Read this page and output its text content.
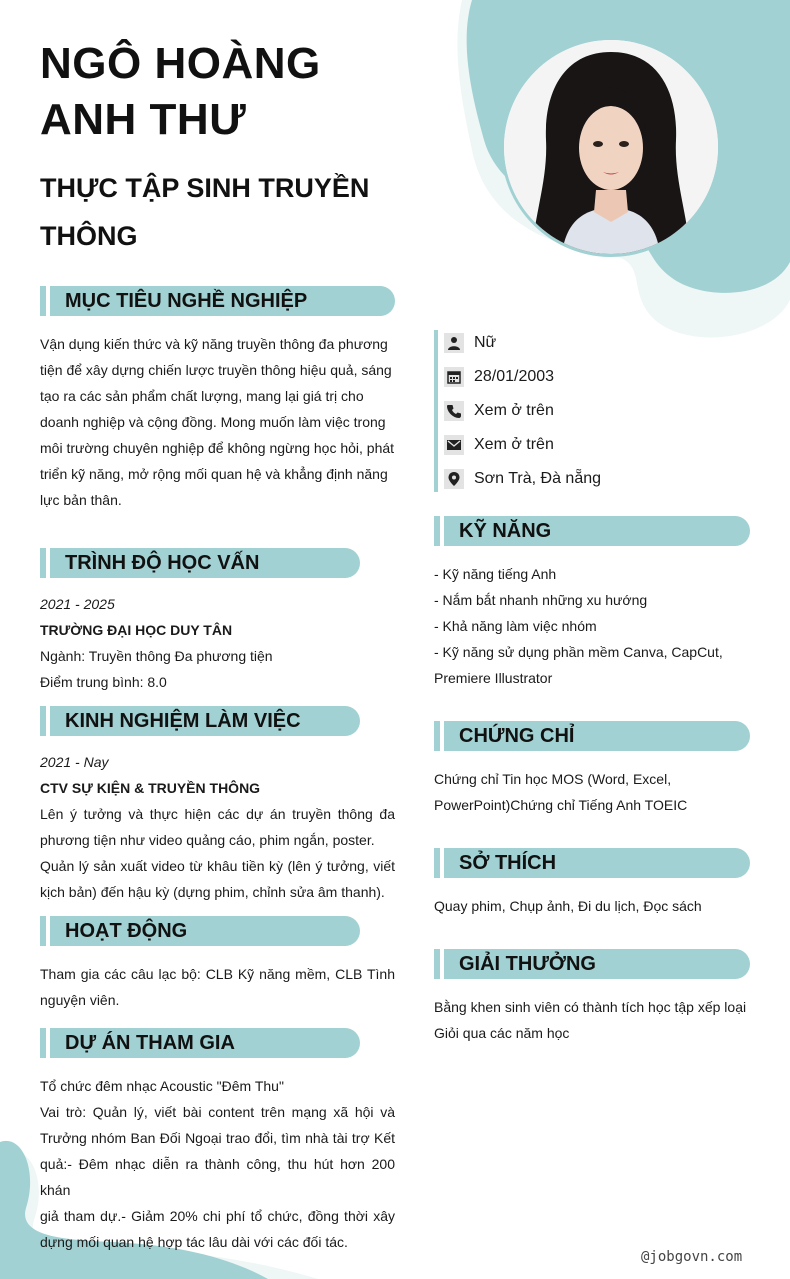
NGÔ HOÀNG
ANH THƯ
THỰC TẬP SINH TRUYỀN
THÔNG
MỤC TIÊU NGHỀ NGHIỆP
Vận dụng kiến thức và kỹ năng truyền thông đa phương
tiện để xây dựng chiến lược truyền thông hiệu quả, sáng
tạo ra các sản phẩm chất lượng, mang lại giá trị cho
doanh nghiệp và cộng đồng. Mong muốn làm việc trong
môi trường chuyên nghiệp để không ngừng học hỏi, phát
triển kỹ năng, mở rộng mối quan hệ và khẳng định năng
lực bản thân.
TRÌNH ĐỘ HỌC VẤN
2021 - 2025
TRƯỜNG ĐẠI HỌC DUY TÂN
Ngành: Truyền thông Đa phương tiện
Điểm trung bình: 8.0
KINH NGHIỆM LÀM VIỆC
2021 - Nay
CTV SỰ KIỆN & TRUYỀN THÔNG
Lên ý tưởng và thực hiện các dự án truyền thông đa
phương tiện như video quảng cáo, phim ngắn, poster.
Quản lý sản xuất video từ khâu tiền kỳ (lên ý tưởng, viết
kịch bản) đến hậu kỳ (dựng phim, chỉnh sửa âm thanh).
HOẠT ĐỘNG
Tham gia các câu lạc bộ: CLB Kỹ năng mềm, CLB Tình
nguyện viên.
DỰ ÁN THAM GIA
Tổ chức đêm nhạc Acoustic "Đêm Thu"
Vai trò: Quản lý, viết bài content trên mạng xã hội và
Trưởng nhóm Ban Đối Ngoại trao đổi, tìm nhà tài trợ Kết
quả:- Đêm nhạc diễn ra thành công, thu hút hơn 200 khán
giả tham dự.- Giảm 20% chi phí tổ chức, đồng thời xây
dựng mối quan hệ hợp tác lâu dài với các đối tác.
Nữ
28/01/2003
Xem ở trên
Xem ở trên
Sơn Trà, Đà nẵng
KỸ NĂNG
- Kỹ năng tiếng Anh
- Nắm bắt nhanh những xu hướng
- Khả năng làm việc nhóm
- Kỹ năng sử dụng phần mềm Canva, CapCut,
Premiere Illustrator
CHỨNG CHỈ
Chứng chỉ Tin học MOS (Word, Excel,
PowerPoint)Chứng chỉ Tiếng Anh TOEIC
SỞ THÍCH
Quay phim, Chụp ảnh, Đi du lịch, Đọc sách
GIẢI THƯỞNG
Bằng khen sinh viên có thành tích học tập xếp loại
Giỏi qua các năm học
@jobgovn.com
